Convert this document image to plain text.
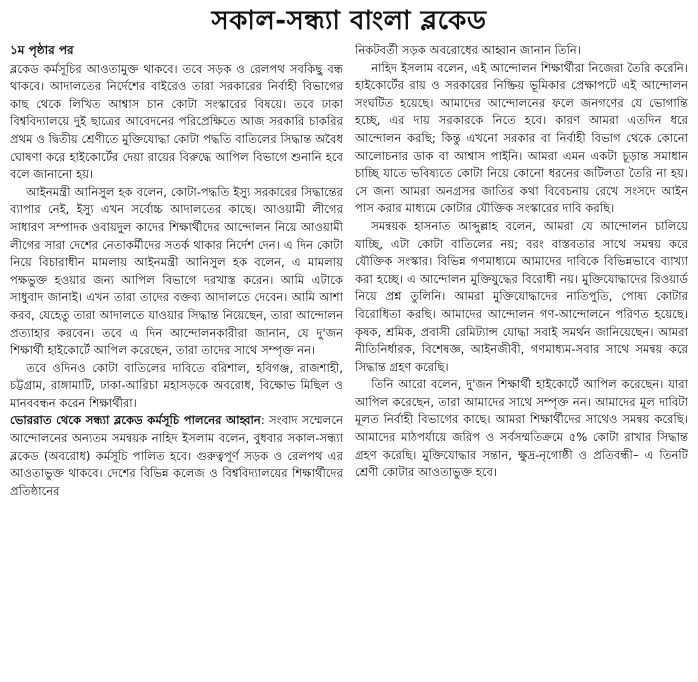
সকাল-সন্ধ্যা বাংলা ব্লকেড
১ম পৃষ্ঠার পর

ব্লকেড কর্মসূচির আওতামুক্ত থাকবে। তবে সড়ক ও রেলপথ সবকিছু বন্ধ থাকবে। আদালতের নির্দেশের বাইরেও তারা সরকারের নির্বাহী বিভাগের কাছ থেকে লিখিত আশ্বাস চান কোটা সংস্কারের বিষয়ে। তবে ঢাকা বিশ্ববিদ্যালয়ে দুই ছাত্রের আবেদনের পরিপ্রেক্ষিতে আজ সরকারি চাকরির প্রথম ও দ্বিতীয় শ্রেণীতে মুক্তিযোদ্ধা কোটা পদ্ধতি বাতিলের সিদ্ধান্ত অবৈধ ঘোষণা করে হাইকোর্টের দেয়া রায়ের বিরুদ্ধে আপিল বিভাগে শুনানি হবে বলে জানানো হয়।

আইনমন্ত্রী আনিসুল হক বলেন, কোটা-পদ্ধতি ইস্যু সরকারের সিদ্ধান্তের ব্যাপার নেই, ইস্যু এখন সর্বোচ্চ আদালতের কাছে। আওয়ামী লীগের সাধারণ সম্পাদক ওবায়দুল কাদের শিক্ষার্থীদের আন্দোলন নিয়ে আওয়ামী লীগের সারা দেশের নেতাকর্মীদের সতর্ক থাকার নির্দেশ দেন। এ দিন কোটা নিয়ে বিচারাধীন মামলায় আইনমন্ত্রী আনিসুল হক বলেন, এ মামলায় পক্ষভুক্ত হওয়ার জন্য আপিল বিভাগে দরখাস্ত করেন। আমি এটাকে সাধুবাদ জানাই। এখন তারা তাদের বক্তব্য আদালতে দেবেন। আমি আশা করব, যেহেতু তারা আদালতে যাওয়ার সিদ্ধান্ত নিয়েছেন, তারা আন্দোলন প্রত্যাহার করবেন। তবে এ দিন আন্দোলনকারীরা জানান, যে দু'জন শিক্ষার্থী হাইকোর্টে আপিল করেছেন, তারা তাদের সাথে সম্পৃক্ত নন।

তবে ওদিনও কোটা বাতিলের দাবিতে বরিশাল, হবিগঞ্জ, রাজশাহী, চট্টগ্রাম, রাঙ্গামাটি, ঢাকা-আরিচা মহাসড়কে অবরোধ, বিক্ষোভ মিছিল ও মানববন্ধন করেন শিক্ষার্থীরা।

ভোররাত থেকে সন্ধ্যা ব্লকেড কর্মসূচি পালনের আহ্বান: সংবাদ সম্মেলনে আন্দোলনের অন্যতম সমন্বয়ক নাহিদ ইসলাম বলেন, বুধবার সকাল-সন্ধ্যা ব্লকেড (অবরোধ) কর্মসূচি পালিত হবে। গুরুত্বপূর্ণ সড়ক ও রেলপথ এর আওতাভুক্ত থাকবে। দেশের বিভিন্ন কলেজ ও বিশ্ববিদ্যালয়ের শিক্ষার্থীদের প্রতিষ্ঠানের

নিকটবর্তী সড়ক অবরোধের আহ্বান জানান তিনি।

নাহিদ ইসলাম বলেন, এই আন্দোলন শিক্ষার্থীরা নিজেরা তৈরি করেনি। হাইকোর্টের রায় ও সরকারের নিষ্ক্রিয় ভূমিকার প্রেক্ষাপটে এই আন্দোলন সংঘটিত হয়েছে। আমাদের আন্দোলনের ফলে জনগণের যে ভোগান্তি হচ্ছে, এর দায় সরকারকে নিতে হবে। কারণ আমরা এতদিন ধরে আন্দোলন করছি; কিন্তু এখনো সরকার বা নির্বাহী বিভাগ থেকে কোনো আলোচনার ডাক বা আশ্বাস পাইনি। আমরা এমন একটা চূড়ান্ত সমাধান চাচ্ছি যাতে ভবিষ্যতে কোটা নিয়ে কোনো ধরনের জটিলতা তৈরি না হয়। সে জন্য আমরা অনগ্রসর জাতির কথা বিবেচনায় রেখে সংসদে আইন পাস করার মাধ্যমে কোটার যৌক্তিক সংস্কারের দাবি করছি।

সমন্বয়ক হাসনাত আব্দুল্লাহ বলেন, আমরা যে আন্দোলন চালিয়ে যাচ্ছি, এটা কোটা বাতিলের নয়; বরং বাস্তবতার সাথে সমন্বয় করে যৌক্তিক সংস্কার। বিভিন্ন গণমাধ্যমে আমাদের দাবিকে বিভিন্নভাবে ব্যাখ্যা করা হচ্ছে। এ আন্দোলন মুক্তিযুদ্ধের বিরোধী নয়। মুক্তিযোদ্ধাদের রিওয়ার্ড নিয়ে প্রশ্ন তুলিনি। আমরা মুক্তিযোদ্ধাদের নাতিপুতি, পোষ্য কোটার বিরোধিতা করছি। আমাদের আন্দোলন গণ-আন্দোলনে পরিণত হয়েছে। কৃষক, শ্রমিক, প্রবাসী রেমিট্যান্স যোদ্ধা সবাই সমর্থন জানিয়েছেন। আমরা নীতিনির্ধারক, বিশেষজ্ঞ, আইনজীবী, গণমাধ্যম-সবার সাথে সমন্বয় করে সিদ্ধান্ত গ্রহণ করেছি।

তিনি আরো বলেন, দু'জন শিক্ষার্থী হাইকোর্টে আপিল করেছেন। যারা আপিল করেছেন, তারা আমাদের সাথে সম্পৃক্ত নন। আমাদের মূল দাবিটা মূলত নির্বাহী বিভাগের কাছে। আমরা শিক্ষার্থীদের সাথেও সমন্বয় করেছি। আমাদের মাঠপর্যায়ে জরিপ ও সর্বসম্মতিক্রমে ৫% কোটা রাখার সিদ্ধান্ত গ্রহণ করেছি। মুক্তিযোদ্ধার সন্তান, ক্ষুদ্র-নৃগোষ্ঠী ও প্রতিবন্ধী– এ তিনটি শ্রেণী কোটার আওতাভুক্ত হবে।
